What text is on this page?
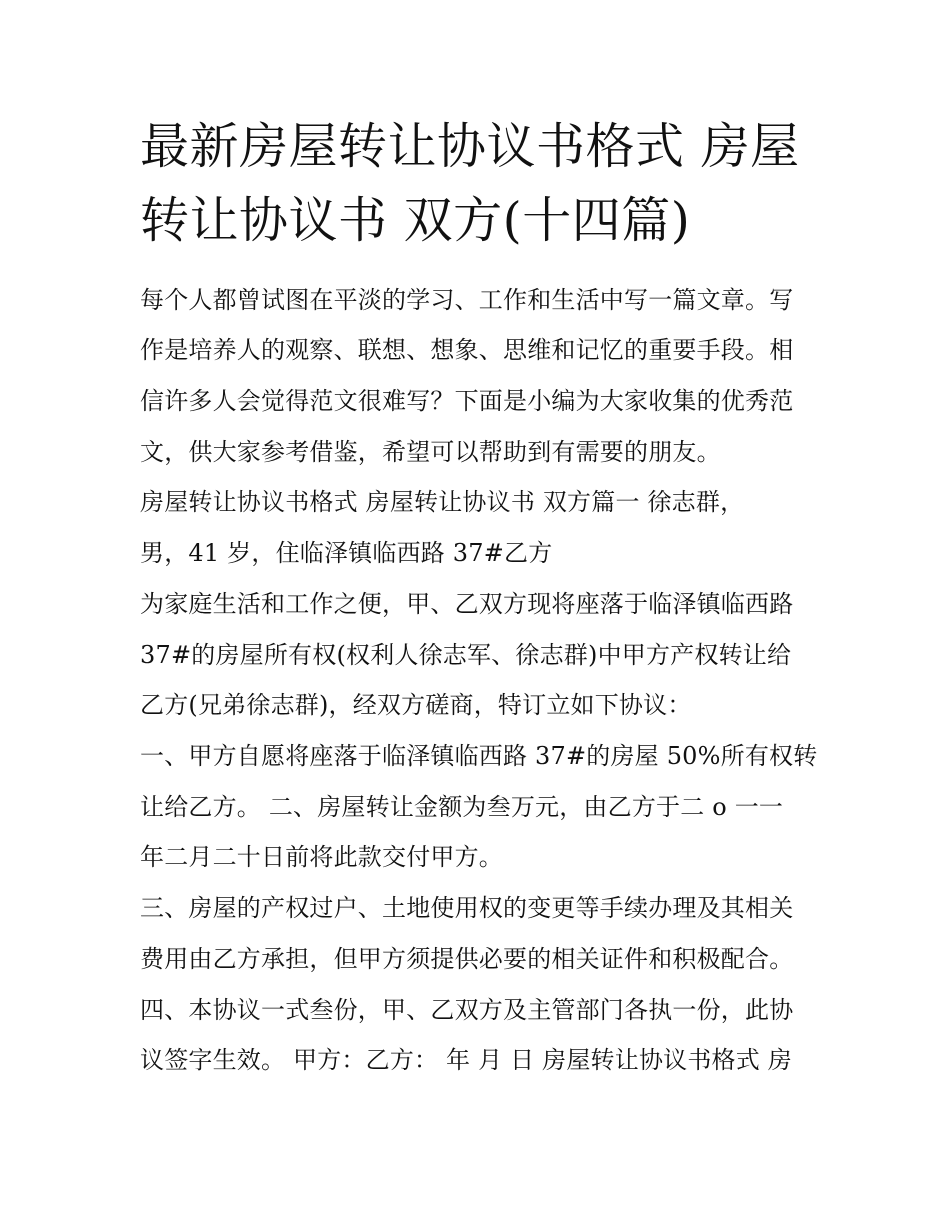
最新房屋转让协议书格式 房屋
转让协议书 双方(十四篇)

每个人都曾试图在平淡的学习、工作和生活中写一篇文章。写

作是培养人的观察、联想、想象、思维和记忆的重要手段。相

信许多人会觉得范文很难写？下面是小编为大家收集的优秀范

文，供大家参考借鉴，希望可以帮助到有需要的朋友。

房屋转让协议书格式 房屋转让协议书 双方篇一 徐志群，

男，41 岁，住临泽镇临西路 37#乙方

为家庭生活和工作之便，甲、乙双方现将座落于临泽镇临西路

37#的房屋所有权(权利人徐志军、徐志群)中甲方产权转让给

乙方(兄弟徐志群)，经双方磋商，特订立如下协议：

一、甲方自愿将座落于临泽镇临西路 37#的房屋 50%所有权转

让给乙方。 二、房屋转让金额为叁万元，由乙方于二 o 一一

年二月二十日前将此款交付甲方。

三、房屋的产权过户、土地使用权的变更等手续办理及其相关

费用由乙方承担，但甲方须提供必要的相关证件和积极配合。

四、本协议一式叁份，甲、乙双方及主管部门各执一份，此协

议签字生效。 甲方：乙方： 年 月 日 房屋转让协议书格式 房
